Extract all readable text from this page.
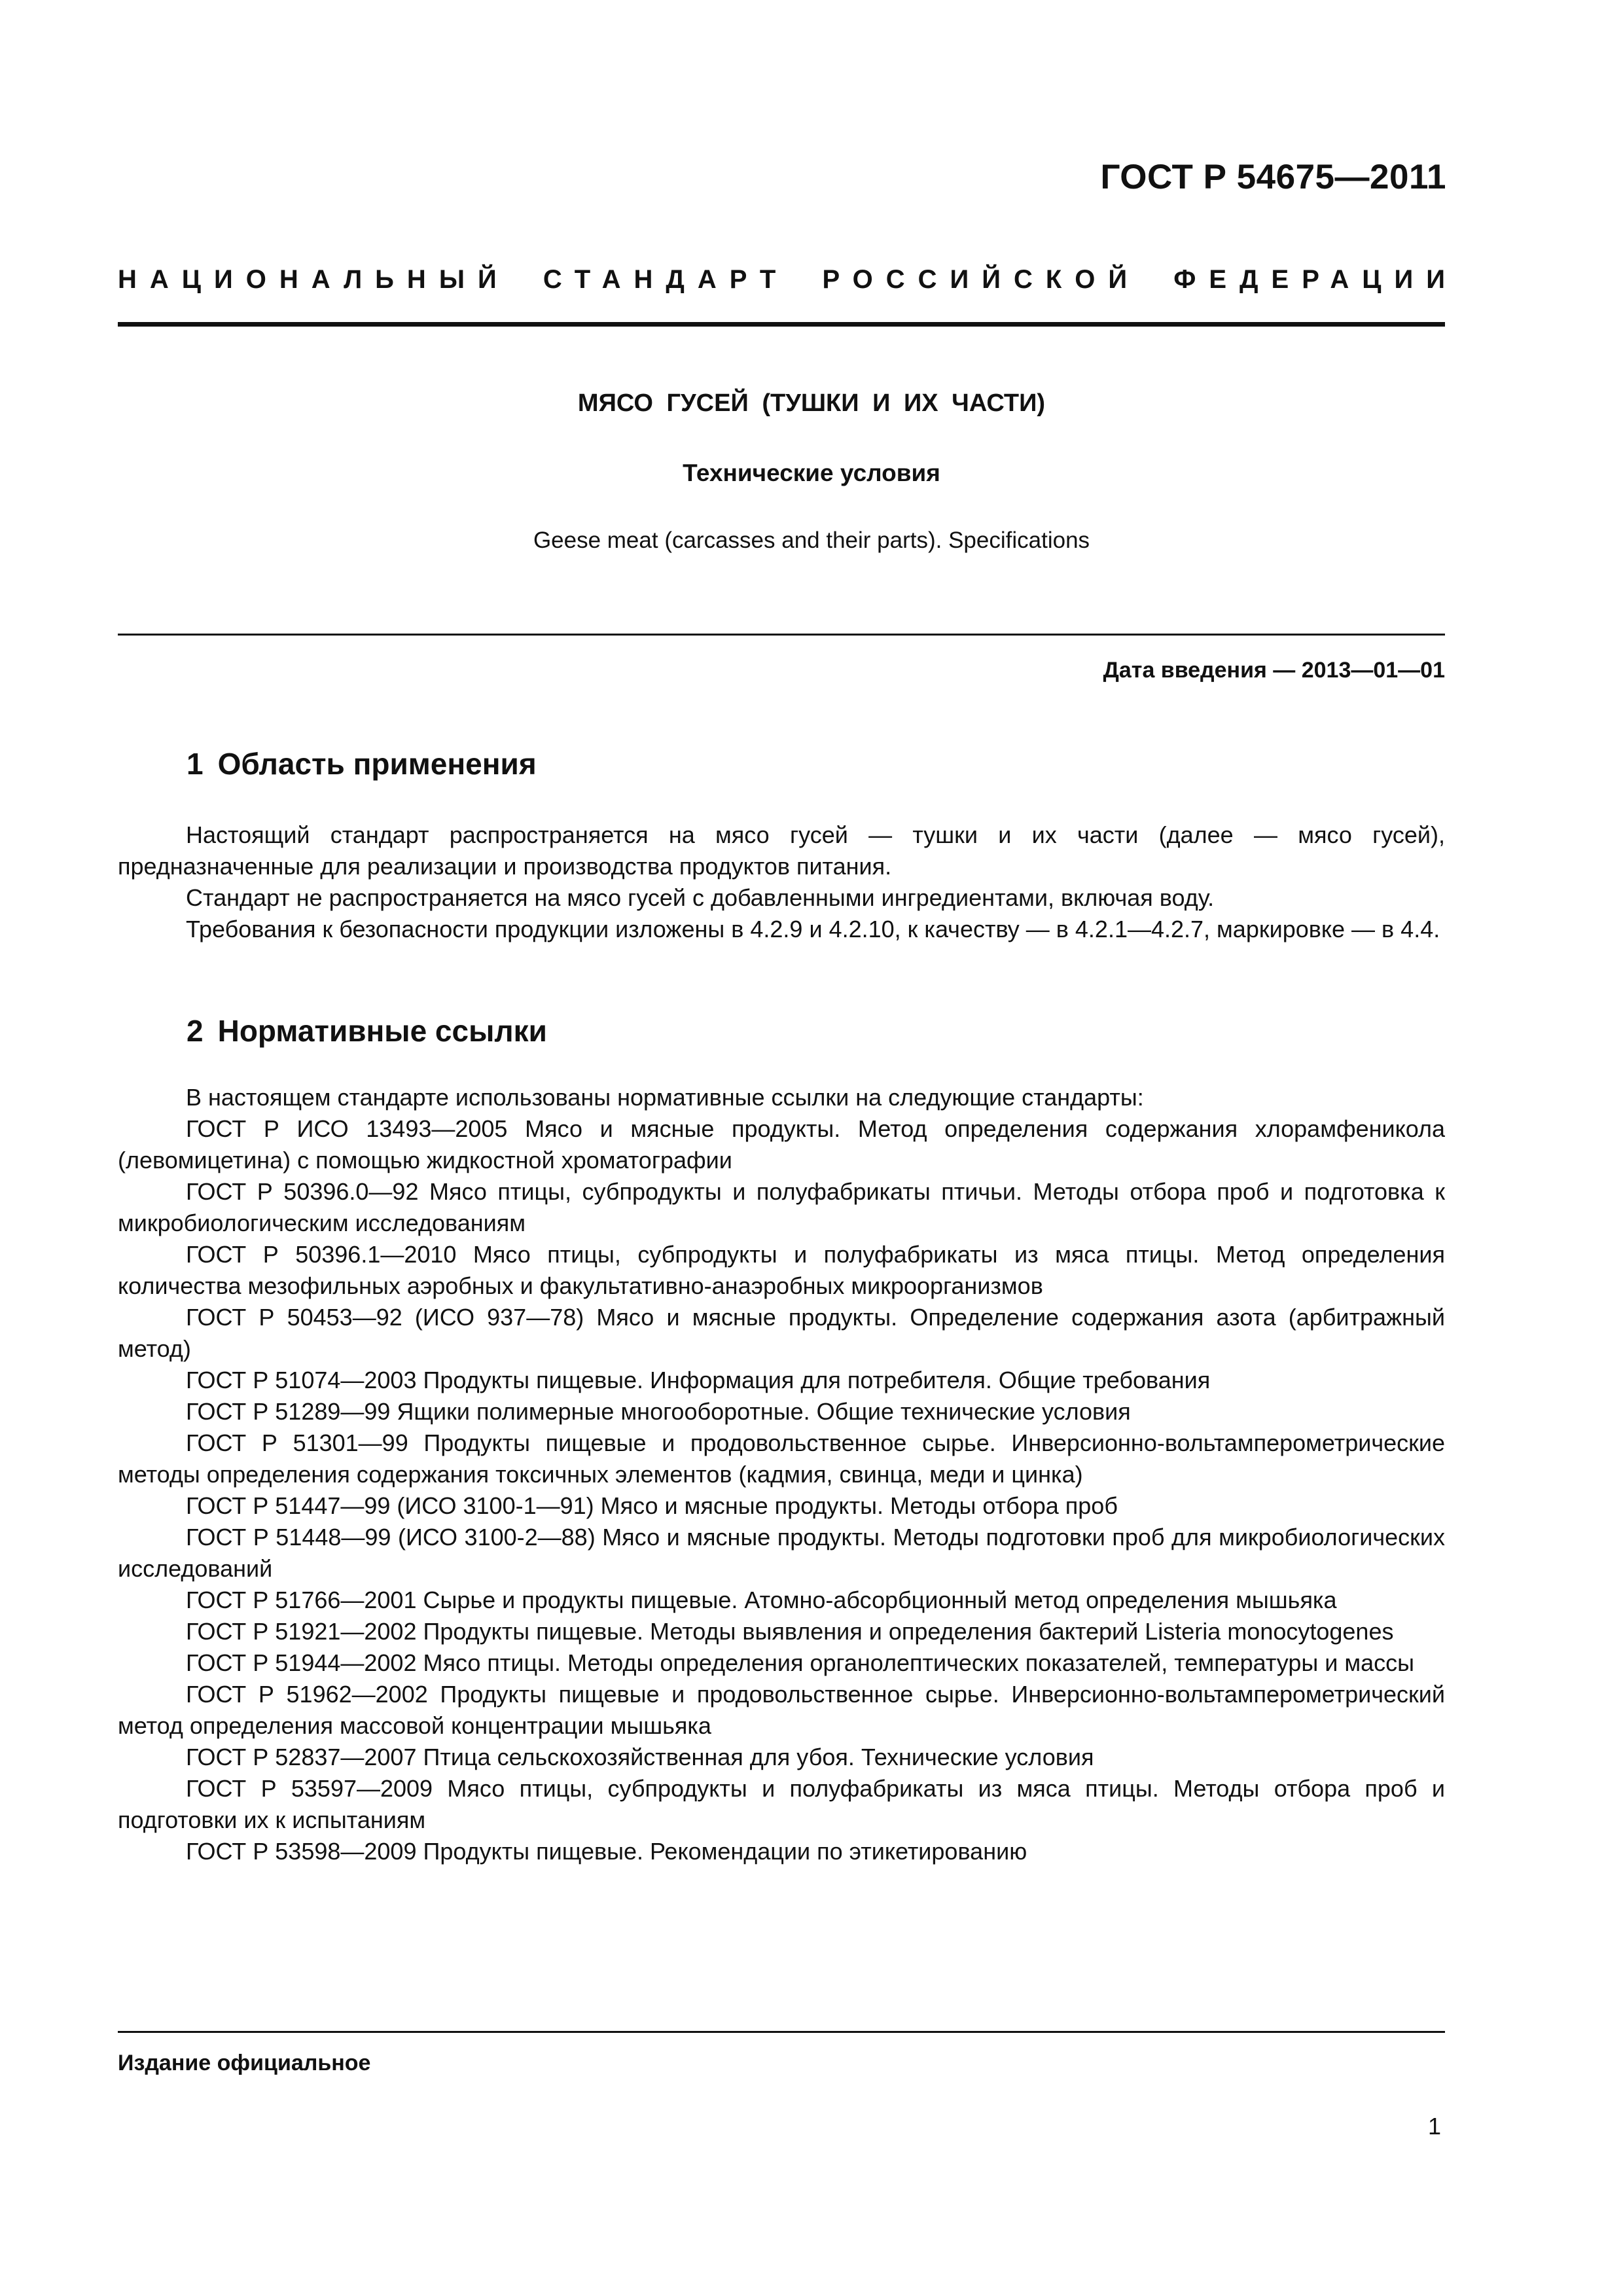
ГОСТ Р 54675—2011
НАЦИОНАЛЬНЫЙ СТАНДАРТ РОССИЙСКОЙ ФЕДЕРАЦИИ
МЯСО ГУСЕЙ (ТУШКИ И ИХ ЧАСТИ)
Технические условия
Geese meat (carcasses and their parts). Specifications
Дата введения — 2013—01—01
1 Область применения

Настоящий стандарт распространяется на мясо гусей — тушки и их части (далее — мясо гусей), предназначенные для реализации и производства продуктов питания.

Стандарт не распространяется на мясо гусей с добавленными ингредиентами, включая воду.

Требования к безопасности продукции изложены в 4.2.9 и 4.2.10, к качеству — в 4.2.1—4.2.7, маркировке — в 4.4.

2 Нормативные ссылки

В настоящем стандарте использованы нормативные ссылки на следующие стандарты:

ГОСТ Р ИСО 13493—2005 Мясо и мясные продукты. Метод определения содержания хлорамфеникола (левомицетина) с помощью жидкостной хроматографии

ГОСТ Р 50396.0—92 Мясо птицы, субпродукты и полуфабрикаты птичьи. Методы отбора проб и подготовка к микробиологическим исследованиям

ГОСТ Р 50396.1—2010 Мясо птицы, субпродукты и полуфабрикаты из мяса птицы. Метод определения количества мезофильных аэробных и факультативно-анаэробных микроорганизмов

ГОСТ Р 50453—92 (ИСО 937—78) Мясо и мясные продукты. Определение содержания азота (арбитражный метод)

ГОСТ Р 51074—2003 Продукты пищевые. Информация для потребителя. Общие требования

ГОСТ Р 51289—99 Ящики полимерные многооборотные. Общие технические условия

ГОСТ Р 51301—99 Продукты пищевые и продовольственное сырье. Инверсионно-вольтамперометрические методы определения содержания токсичных элементов (кадмия, свинца, меди и цинка)

ГОСТ Р 51447—99 (ИСО 3100-1—91) Мясо и мясные продукты. Методы отбора проб

ГОСТ Р 51448—99 (ИСО 3100-2—88) Мясо и мясные продукты. Методы подготовки проб для микробиологических исследований

ГОСТ Р 51766—2001 Сырье и продукты пищевые. Атомно-абсорбционный метод определения мышьяка

ГОСТ Р 51921—2002 Продукты пищевые. Методы выявления и определения бактерий Listeria monocytogenes

ГОСТ Р 51944—2002 Мясо птицы. Методы определения органолептических показателей, температуры и массы

ГОСТ Р 51962—2002 Продукты пищевые и продовольственное сырье. Инверсионно-вольтамперометрический метод определения массовой концентрации мышьяка

ГОСТ Р 52837—2007 Птица сельскохозяйственная для убоя. Технические условия

ГОСТ Р 53597—2009 Мясо птицы, субпродукты и полуфабрикаты из мяса птицы. Методы отбора проб и подготовки их к испытаниям

ГОСТ Р 53598—2009 Продукты пищевые. Рекомендации по этикетированию

Издание официальное
1
